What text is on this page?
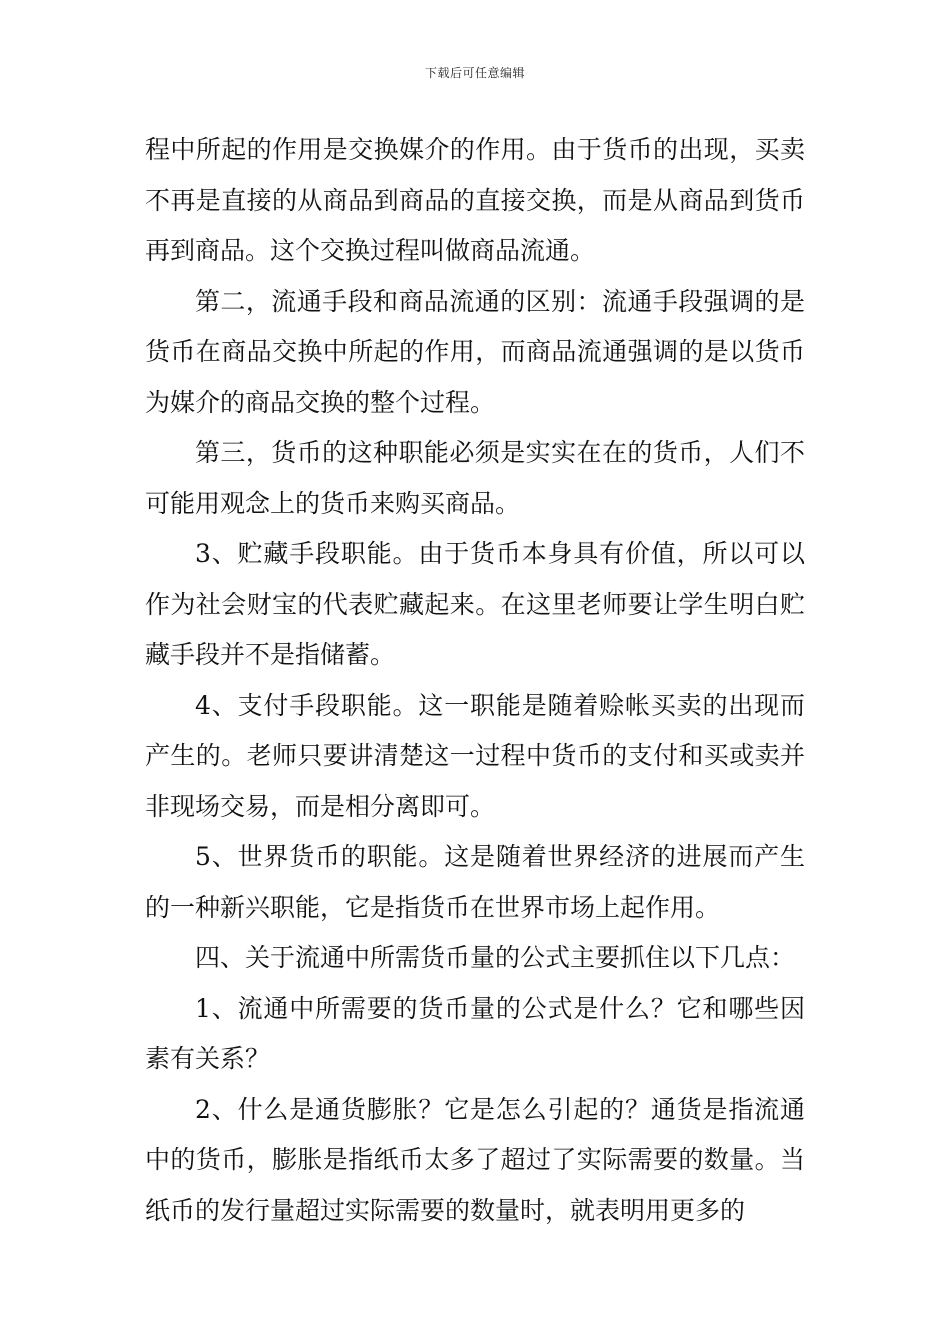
下载后可任意编辑

程中所起的作用是交换媒介的作用。由于货币的出现，买卖不再是直接的从商品到商品的直接交换，而是从商品到货币再到商品。这个交换过程叫做商品流通。

第二，流通手段和商品流通的区别：流通手段强调的是货币在商品交换中所起的作用，而商品流通强调的是以货币为媒介的商品交换的整个过程。

第三，货币的这种职能必须是实实在在的货币，人们不可能用观念上的货币来购买商品。

3、贮藏手段职能。由于货币本身具有价值，所以可以作为社会财宝的代表贮藏起来。在这里老师要让学生明白贮藏手段并不是指储蓄。

4、支付手段职能。这一职能是随着赊帐买卖的出现而产生的。老师只要讲清楚这一过程中货币的支付和买或卖并非现场交易，而是相分离即可。

5、世界货币的职能。这是随着世界经济的进展而产生的一种新兴职能，它是指货币在世界市场上起作用。

四、关于流通中所需货币量的公式主要抓住以下几点：

1、流通中所需要的货币量的公式是什么？它和哪些因素有关系？

2、什么是通货膨胀？它是怎么引起的？通货是指流通中的货币，膨胀是指纸币太多了超过了实际需要的数量。当纸币的发行量超过实际需要的数量时，就表明用更多的
